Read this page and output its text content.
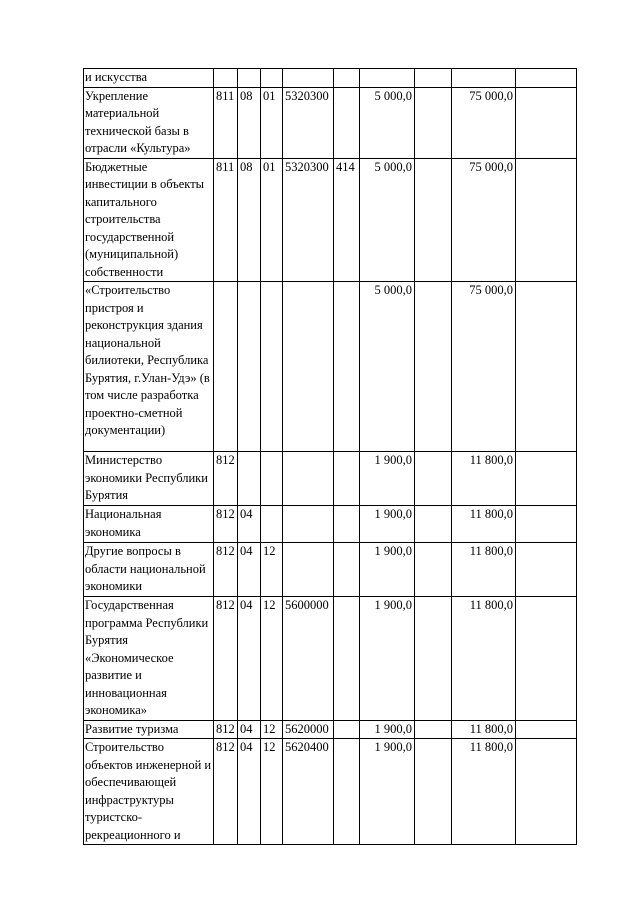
и искусства									
Укрепление материальной технической базы в отрасли «Культура»	811	08	01	5320300		5 000,0		75 000,0	
Бюджетные инвестиции в объекты капитального строительства государственной (муниципальной) собственности	811	08	01	5320300	414	5 000,0		75 000,0	
«Строительство пристроя и реконструкция здания национальной билиотеки, Республика Бурятия, г.Улан-Удэ» (в том числе разработка проектно-сметной документации)						5 000,0		75 000,0	
Министерство экономики Республики Бурятия	812					1 900,0		11 800,0	
Национальная экономика	812	04				1 900,0		11 800,0	
Другие вопросы в области национальной экономики	812	04	12			1 900,0		11 800,0	
Государственная программа Республики Бурятия «Экономическое развитие и инновационная экономика»	812	04	12	5600000		1 900,0		11 800,0	
Развитие туризма	812	04	12	5620000		1 900,0		11 800,0	
Строительство объектов инженерной и обеспечивающей инфраструктуры туристско-рекреационного и	812	04	12	5620400		1 900,0		11 800,0	
